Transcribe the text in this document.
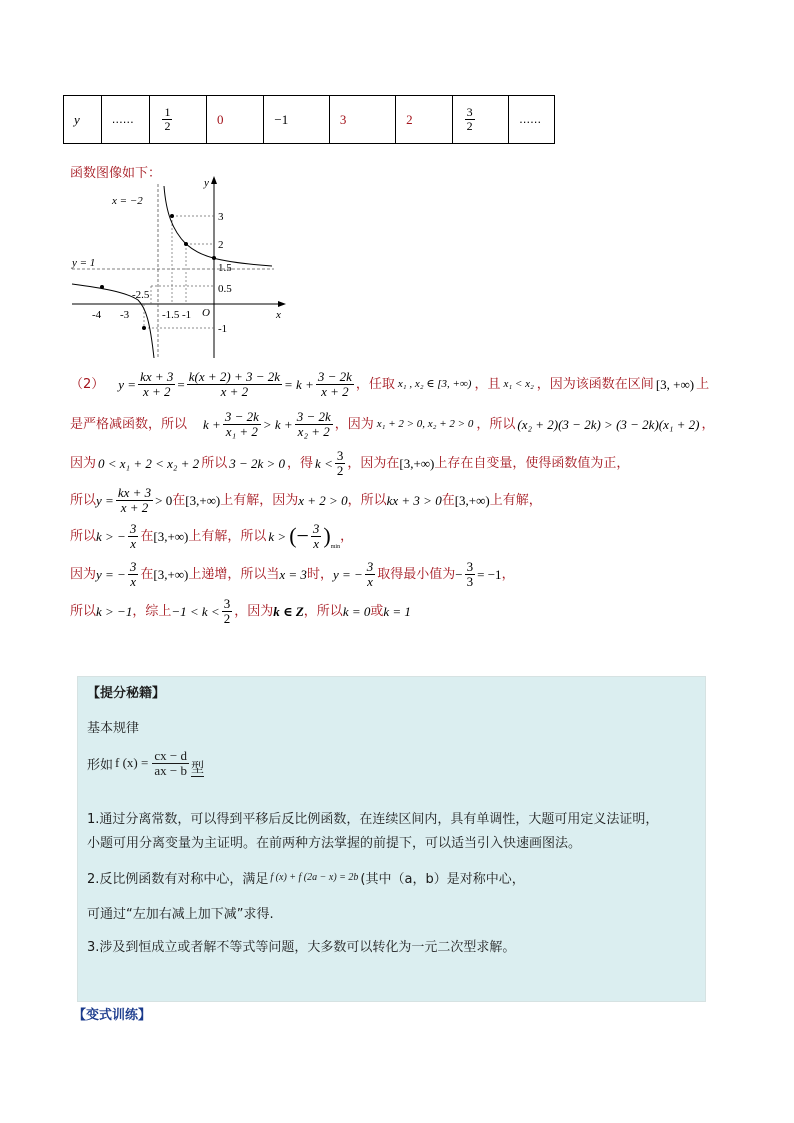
y	……	$\frac{1}{2}$	0	−1	3	2	$\frac{3}{2}$	……
函数图像如下：
y
x
O
x = −2
y = 1
-4 -3
-2.5
-1.5 -1
3
2
1.5
0.5
-1
（2） $y = \frac{kx + 3}{x + 2} = \frac{k(x + 2) + 3 - 2k}{x + 2} = k + \frac{3 - 2k}{x + 2}$ ，任取 x₁ , x₂ ∈ [3, +∞) ，且 x₁ < x₂ ，因为该函数在区间 [3, +∞) 上
是严格减函数，所以 $k + \frac{3 - 2k}{\text{x₁ + 2}} > k + \frac{3 - 2k}{\text{x₂ + 2}}$ ，因为 x₁ + 2 > 0, x₂ + 2 > 0 ，所以 (x₂ + 2)(3 − 2k) > (3 − 2k)(x₁ + 2) ，
因为 0 < x₁ + 2 < x₂ + 2 所以 3 − 2k > 0 ，得 $k < \frac{3}{2}$ ，因为在 [3,+∞) 上存在自变量，使得函数值为正，
所以 $y = \frac{kx + 3}{x + 2} > 0$ 在 [3,+∞) 上有解，因为 x + 2 > 0 ，所以 kx + 3 > 0 在 [3,+∞) 上有解，
所以 k > − $\frac{3}{x}$ 在 [3,+∞) 上有解，所以 k > (− $\frac{3}{x}$ ) min
，
因为 y = − $\frac{3}{x}$ 在 [3,+∞) 上递增，所以当 x = 3 时， y = − $\frac{3}{x}$ 取得最小值为 − $\frac{3}{3} = -1$ ，
所以 k > −1 ，综上 $-1 < k < \frac{3}{2}$ ，因为 k ∈ Z ，所以 k = 0 或 k = 1
【提分秘籍】
基本规律
形如 f $(x) = \frac{cx - d}{ax - b}$ 型
1.通过分离常数，可以得到平移后反比例函数，在连续区间内，具有单调性，大题可用定义法证明，
小题可用分离变量为主证明。在前两种方法掌握的前提下，可以适当引入快速画图法。
2.反比例函数有对称中心，满足 f (x) + f (2a − x) = 2b (其中（a，b）是对称中心，
可通过“左加右减上加下减”求得.
3.涉及到恒成立或者解不等式等问题，大多数可以转化为一元二次型求解。
【变式训练】
